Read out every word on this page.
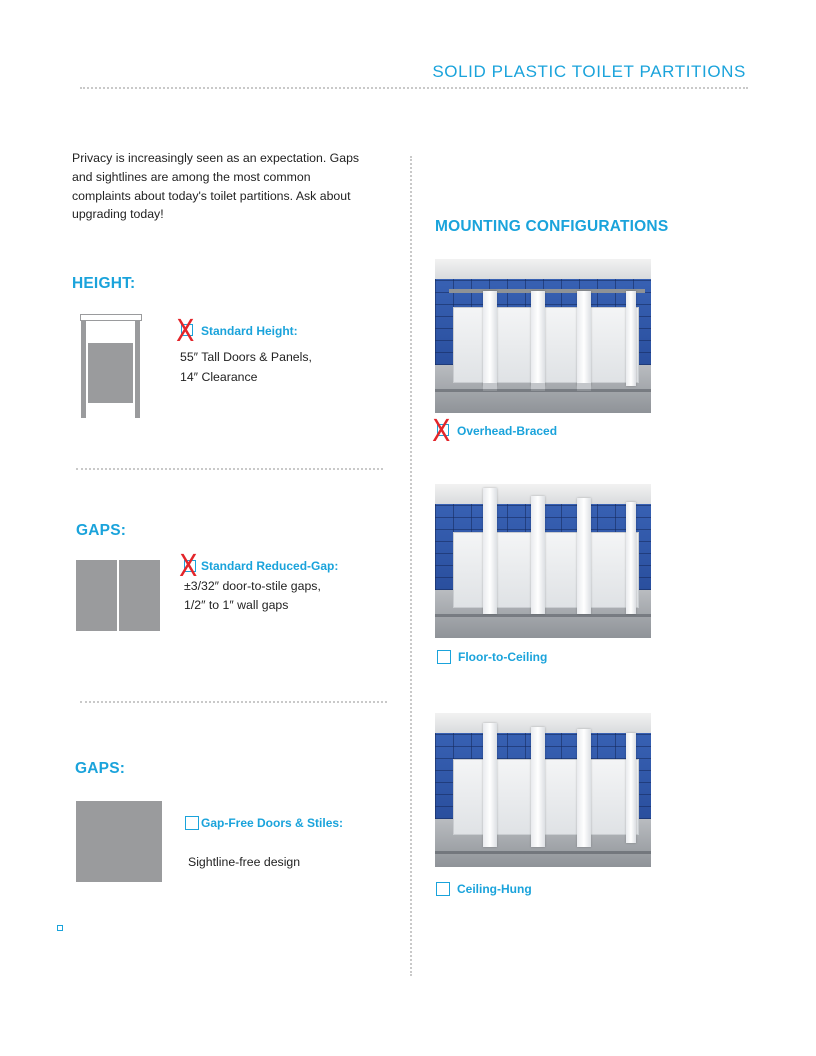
SOLID PLASTIC TOILET PARTITIONS
Privacy is increasingly seen as an expectation. Gaps and sightlines are among the most common complaints about today's toilet partitions. Ask about upgrading today!
HEIGHT:
X Standard Height:
55″ Tall Doors & Panels,
14″ Clearance
GAPS:
X Standard Reduced-Gap:
±3/32″ door-to-stile gaps,
1/2″ to 1″ wall gaps
GAPS:
Gap-Free Doors & Stiles:
Sightline-free design
MOUNTING CONFIGURATIONS
X Overhead-Braced
Floor-to-Ceiling
Ceiling-Hung
